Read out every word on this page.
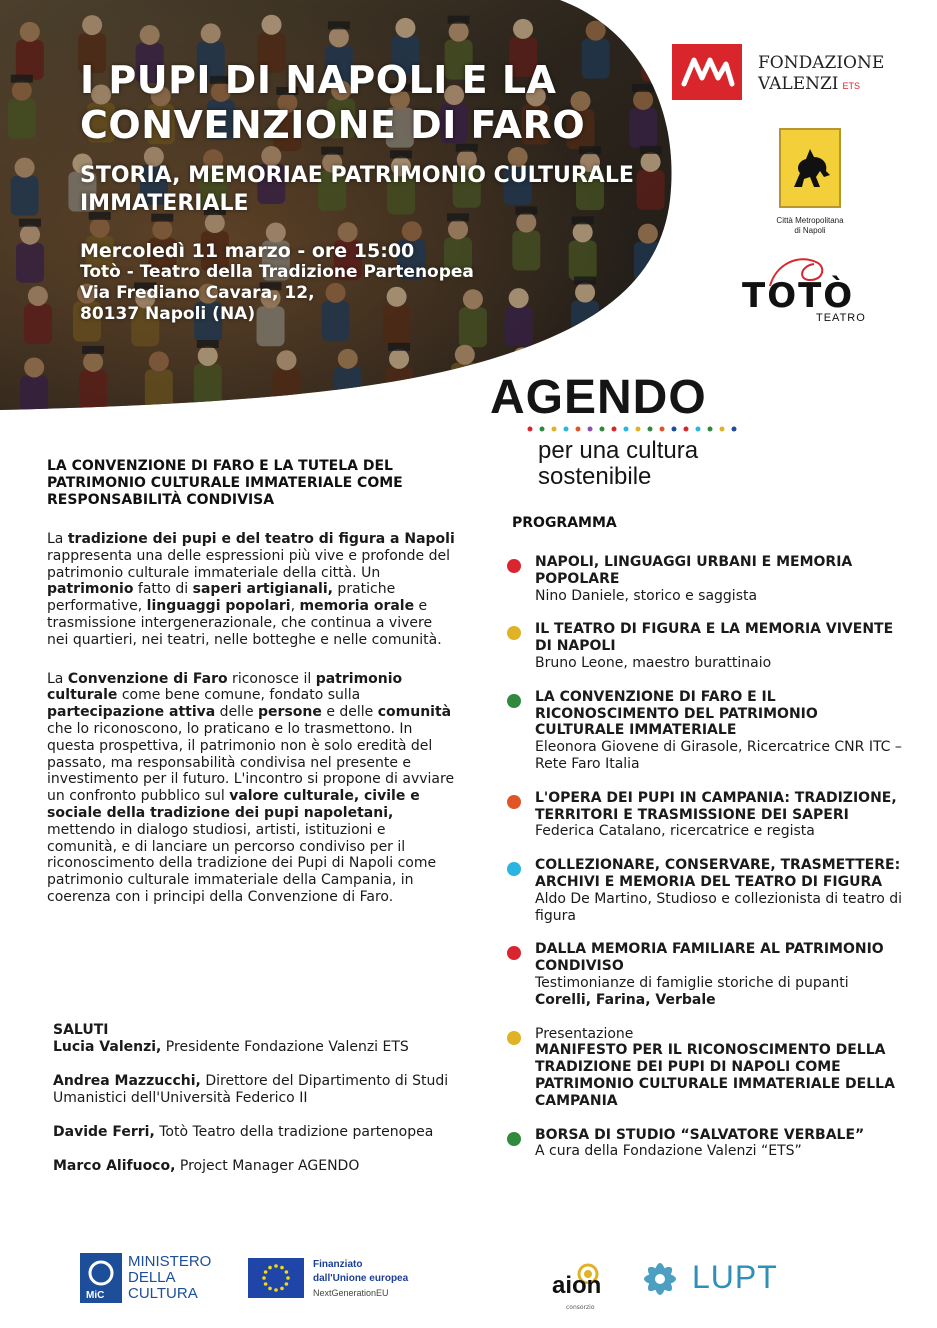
I PUPI DI NAPOLI E LA CONVENZIONE DI FARO
STORIA, MEMORIAE PATRIMONIO CULTURALE IMMATERIALE
Mercoledì 11 marzo - ore 15:00
Totò - Teatro della Tradizione Partenopea
Via Frediano Cavara, 12,
80137 Napoli (NA)
FONDAZIONE
VALENZI ETS
Città Metropolitana
di Napoli
TOTÒ
TEATRO
AGENDO
per una cultura
sostenibile
LA CONVENZIONE DI FARO E LA TUTELA DEL PATRIMONIO CULTURALE IMMATERIALE COME RESPONSABILITÀ CONDIVISA

La tradizione dei pupi e del teatro di figura a Napoli rappresenta una delle espressioni più vive e profonde del patrimonio culturale immateriale della città. Un patrimonio fatto di saperi artigianali, pratiche performative, linguaggi popolari, memoria orale e trasmissione intergenerazionale, che continua a vivere nei quartieri, nei teatri, nelle botteghe e nelle comunità.

La Convenzione di Faro riconosce il patrimonio culturale come bene comune, fondato sulla partecipazione attiva delle persone e delle comunità che lo riconoscono, lo praticano e lo trasmettono. In questa prospettiva, il patrimonio non è solo eredità del passato, ma responsabilità condivisa nel presente e investimento per il futuro. L'incontro si propone di avviare un confronto pubblico sul valore culturale, civile e sociale della tradizione dei pupi napoletani, mettendo in dialogo studiosi, artisti, istituzioni e comunità, e di lanciare un percorso condiviso per il riconoscimento della tradizione dei Pupi di Napoli come patrimonio culturale immateriale della Campania, in coerenza con i principi della Convenzione di Faro.

SALUTI
Lucia Valenzi, Presidente Fondazione Valenzi ETS
Andrea Mazzucchi, Direttore del Dipartimento di Studi Umanistici dell'Università Federico II
Davide Ferri, Totò Teatro della tradizione partenopea
Marco Alifuoco, Project Manager AGENDO
PROGRAMMA
NAPOLI, LINGUAGGI URBANI E MEMORIA POPOLARE
Nino Daniele, storico e saggista
IL TEATRO DI FIGURA E LA MEMORIA VIVENTE DI NAPOLI
Bruno Leone, maestro burattinaio
LA CONVENZIONE DI FARO E IL RICONOSCIMENTO DEL PATRIMONIO CULTURALE IMMATERIALE
Eleonora Giovene di Girasole, Ricercatrice CNR ITC – Rete Faro Italia
L'OPERA DEI PUPI IN CAMPANIA: TRADIZIONE, TERRITORI E TRASMISSIONE DEI SAPERI
Federica Catalano, ricercatrice e regista
COLLEZIONARE, CONSERVARE, TRASMETTERE: ARCHIVI E MEMORIA DEL TEATRO DI FIGURA
Aldo De Martino, Studioso e collezionista di teatro di figura
DALLA MEMORIA FAMILIARE AL PATRIMONIO CONDIVISO
Testimonianze di famiglie storiche di pupanti Corelli, Farina, Verbale
Presentazione
MANIFESTO PER IL RICONOSCIMENTO DELLA TRADIZIONE DEI PUPI DI NAPOLI COME PATRIMONIO CULTURALE IMMATERIALE DELLA CAMPANIA
BORSA DI STUDIO “SALVATORE VERBALE”
A cura della Fondazione Valenzi “ETS”
MiC
MINISTERO
DELLA
CULTURA
Finanziato
dall'Unione europea
NextGenerationEU	aion
consorzio
LUPT
